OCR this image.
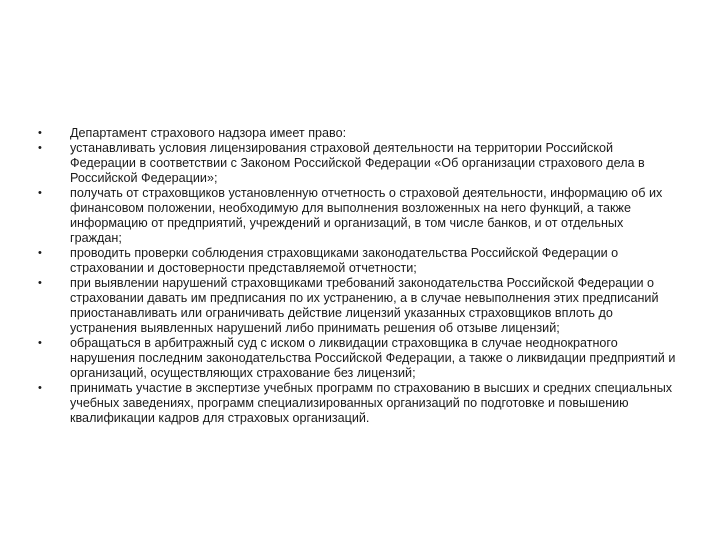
•	Департамент страхового надзора имеет право:
•	устанавливать условия лицензирования страховой деятельности на территории Российской Федерации в соответствии с Законом Российской Федерации «Об организации страхового дела в Российской Федерации»;
•	получать от страховщиков установленную отчетность о страховой деятельности, информацию об их финансовом положении, необходимую для выполнения возложенных на него функций, а также информацию от предприятий, учреждений и организаций, в том числе банков, и от отдельных граждан;
•	проводить проверки соблюдения страховщиками законодательства Российской Федерации о страховании и достоверности представляемой отчетности;
•	при выявлении нарушений страховщиками требований законодательства Российской Федерации о страховании давать им предписания по их устранению, а в случае невыполнения этих предписаний приостанавливать или ограничивать действие лицензий указанных страховщиков вплоть до устранения выявленных нарушений либо принимать решения об отзыве лицензий;
•	обращаться в арбитражный суд с иском о ликвидации страховщика в случае неоднократного нарушения последним законодательства Российской Федерации, а также о ликвидации предприятий и организаций, осуществляющих страхование без лицензий;
•	принимать участие в экспертизе учебных программ по страхованию в высших и средних специальных учебных заведениях, программ специализированных организаций по подготовке и повышению квалификации кадров для страховых организаций.
